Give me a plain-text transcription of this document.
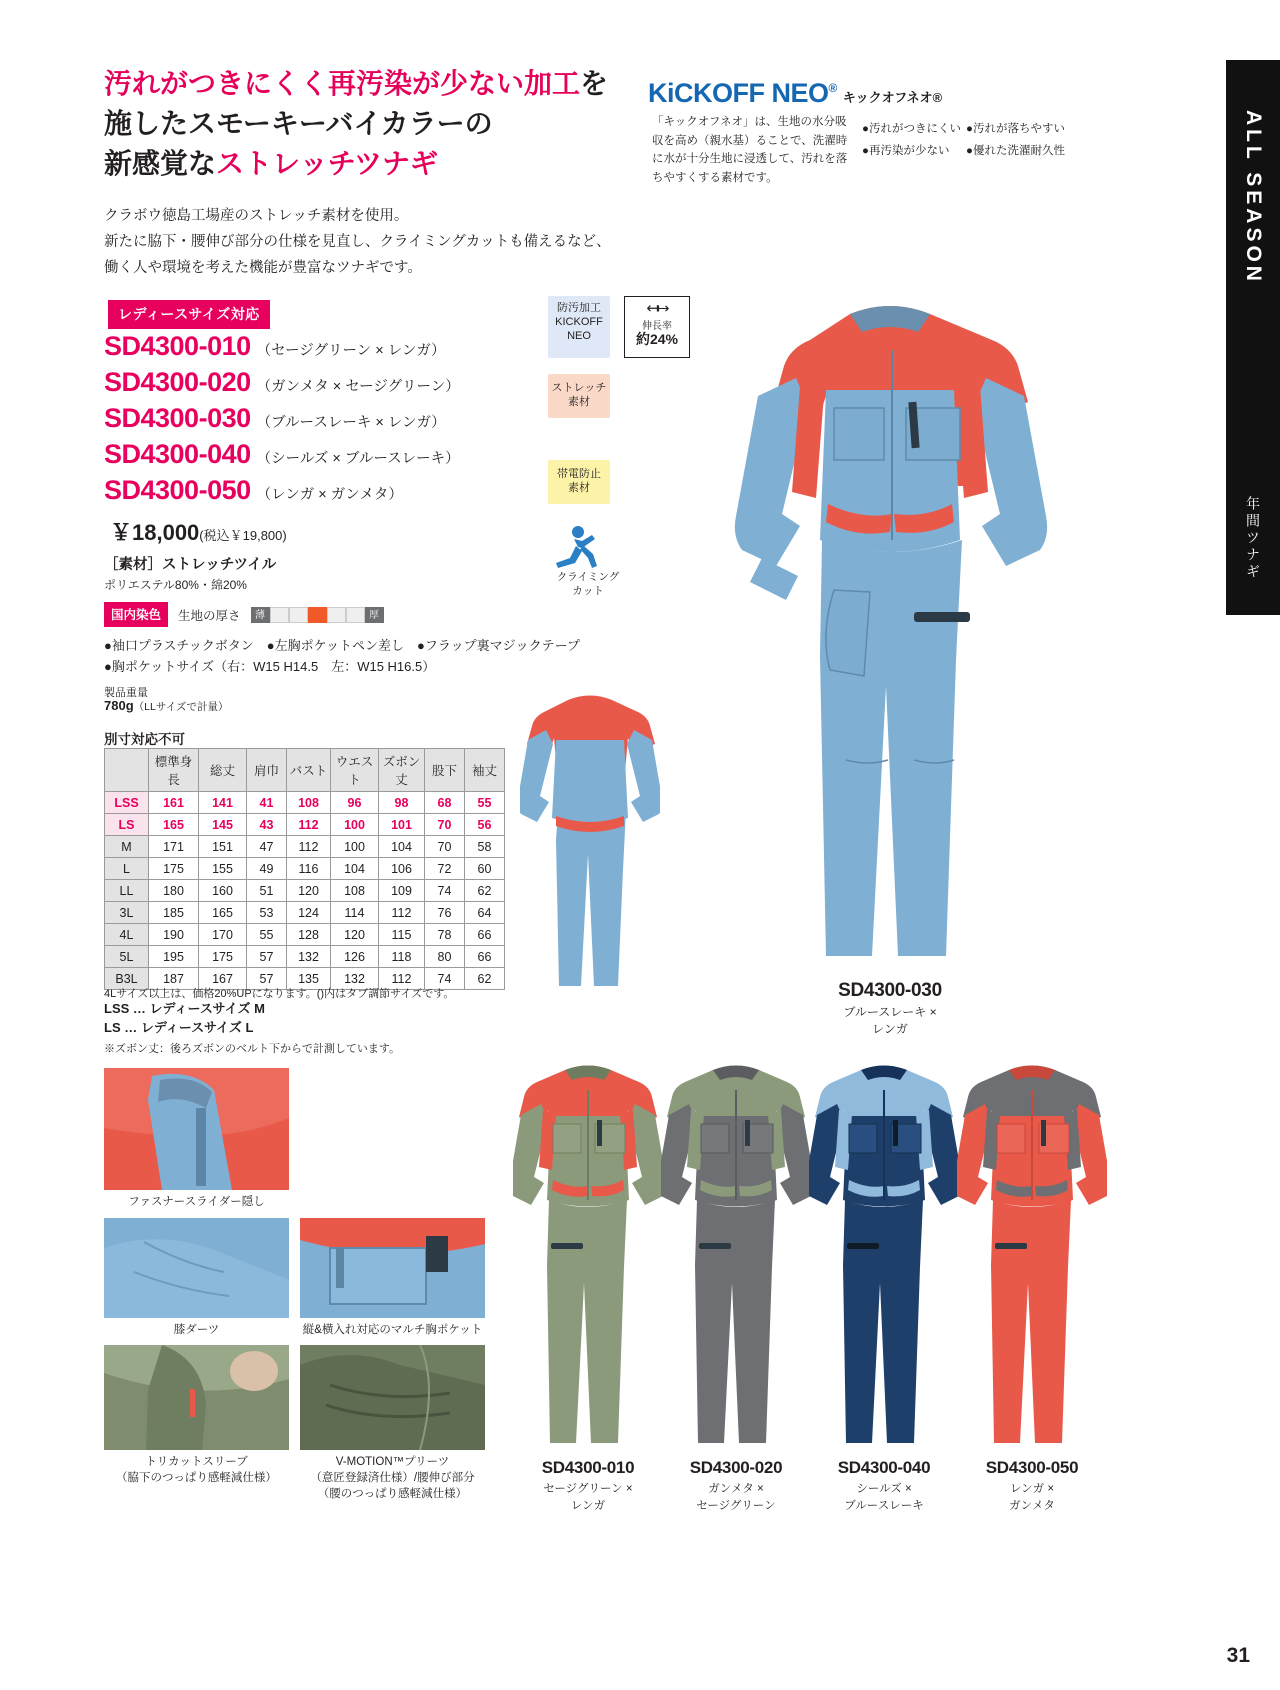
ALL SEASON
年間ツナギ
汚れがつきにくく再汚染が少ない加工を
施したスモーキーバイカラーの
新感覚なストレッチツナギ
クラボウ徳島工場産のストレッチ素材を使用。
新たに脇下・腰伸び部分の仕様を見直し、クライミングカットも備えるなど、
働く人や環境を考えた機能が豊富なツナギです。
KiCKOFF NEO®キックオフネオ®
「キックオフネオ」は、生地の水分吸収を高め（親水基）ることで、洗濯時に水が十分生地に浸透して、汚れを落ちやすくする素材です。
●汚れがつきにくい
●再汚染が少ない
●汚れが落ちやすい
●優れた洗濯耐久性
レディースサイズ対応
SD4300-010 （セージグリーン × レンガ）
SD4300-020 （ガンメタ × セージグリーン）
SD4300-030 （ブルースレーキ × レンガ）
SD4300-040 （シールズ × ブルースレーキ）
SD4300-050 （レンガ × ガンメタ）
￥18,000(税込￥19,800)
［素材］ストレッチツイル
ポリエステル80%・綿20%
国内染色	生地の厚さ	薄	厚
●袖口プラスチックボタン　●左胸ポケットペン差し　●フラップ裏マジックテープ
●胸ポケットサイズ（右：W15 H14.5　左：W15 H16.5）
製品重量
780g（LLサイズで計量）
別寸対応不可
	標準身長	総丈	肩巾	バスト	ウエスト	ズボン丈	股下	袖丈
LSS	161	141	41	108	96	98	68	55
LS	165	145	43	112	100	101	70	56
M	171	151	47	112	100	104	70	58
L	175	155	49	116	104	106	72	60
LL	180	160	51	120	108	109	74	62
3L	185	165	53	124	114	112	76	64
4L	190	170	55	128	120	115	78	66
5L	195	175	57	132	126	118	80	66
B3L	187	167	57	135	132	112	74	62
4Lサイズ以上は、価格20%UPになります。()内はタブ調節サイズです。
LSS … レディースサイズ M
LS … レディースサイズ L
※ズボン丈：後ろズボンのベルト下からで計測しています。
防汚加工
KICKOFF
NEO
ストレッチ
素材
帯電防止
素材
↤↦
伸長率
約24%
クライミング
カット
SD4300-030
ブルースレーキ ×
レンガ
ファスナースライダー隠し
膝ダーツ	縦&横入れ対応のマルチ胸ポケット
トリカットスリーブ
（脇下のつっぱり感軽減仕様）
V-MOTION™プリーツ
（意匠登録済仕様）/腰伸び部分
（腰のつっぱり感軽減仕様）
SD4300-010
セージグリーン ×
レンガ
SD4300-020
ガンメタ ×
セージグリーン
SD4300-040
シールズ ×
ブルースレーキ
SD4300-050
レンガ ×
ガンメタ
31
